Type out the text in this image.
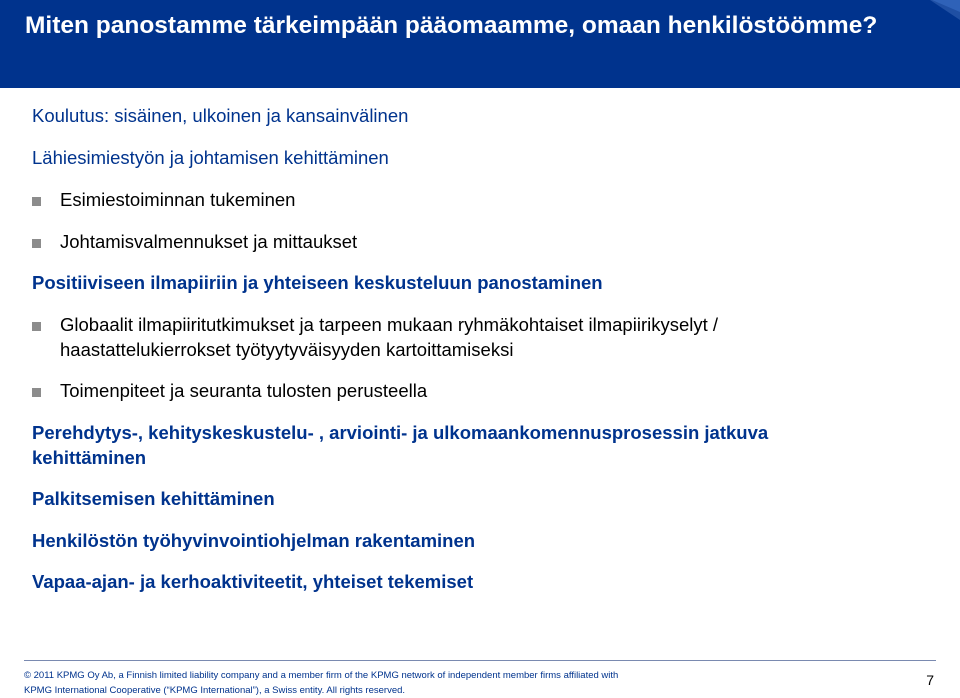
Miten panostamme tärkeimpään pääomaamme, omaan henkilöstöömme?
Koulutus: sisäinen, ulkoinen ja kansainvälinen
Lähiesimiestyön ja johtamisen kehittäminen
Esimiestoiminnan tukeminen
Johtamisvalmennukset ja mittaukset
Positiiviseen ilmapiiriin ja yhteiseen keskusteluun panostaminen
Globaalit ilmapiiritutkimukset ja tarpeen mukaan ryhmäkohtaiset ilmapiirikyselyt /
haastattelukierrokset työtyytyväisyyden kartoittamiseksi
Toimenpiteet ja seuranta tulosten perusteella
Perehdytys-, kehityskeskustelu- , arviointi- ja ulkomaankomennusprosessin jatkuva
kehittäminen
Palkitsemisen kehittäminen
Henkilöstön työhyvinvointiohjelman rakentaminen
Vapaa-ajan- ja kerhoaktiviteetit, yhteiset tekemiset
© 2011 KPMG Oy Ab, a Finnish limited liability company and a member firm of the KPMG network of independent member firms affiliated with
KPMG International Cooperative (“KPMG International”), a Swiss entity. All rights reserved.
7
